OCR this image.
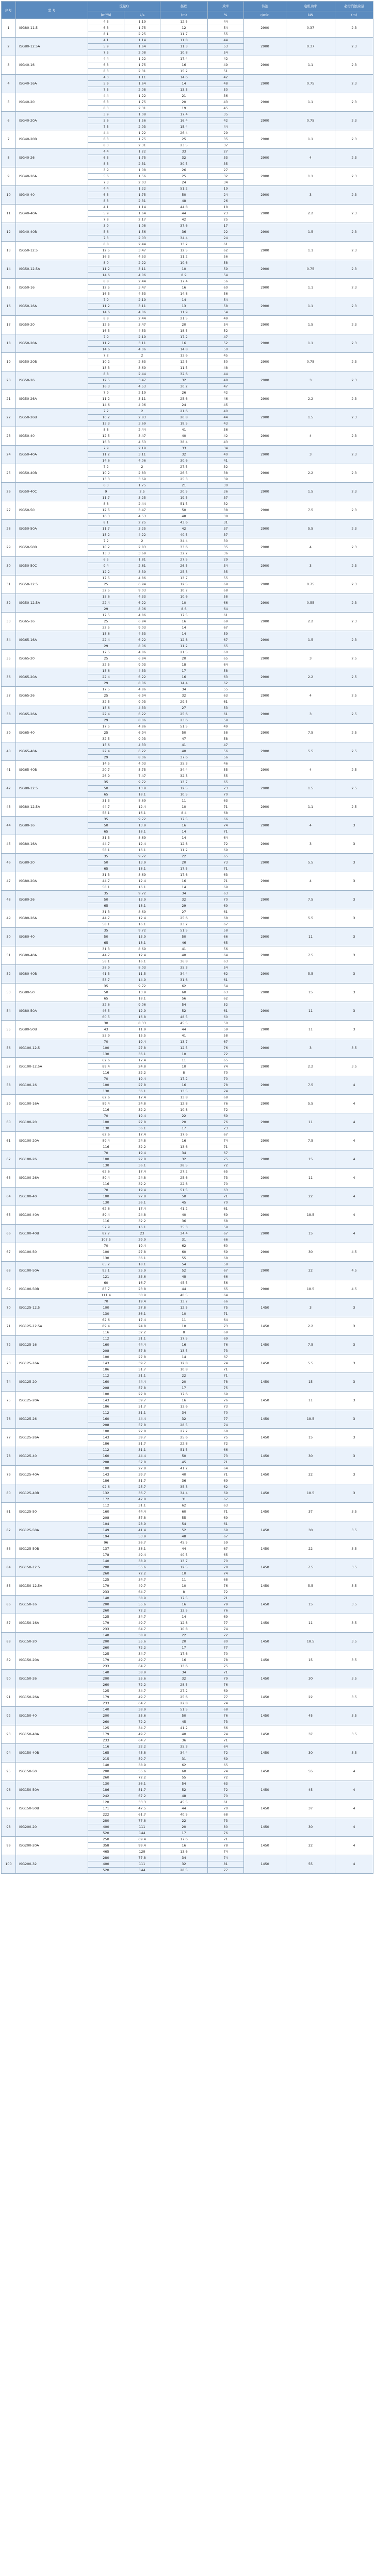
序号	型 号	流量Q		扬程	效率	转速	电机功率	必需汽蚀余量
		(m³/h)	L/s	(m)	%	r/min	kW	(m)
1	ISG80-11.5	4.3	1.19	12.5	44	2900	0.37	2.3
		6.3	1.75	12	54			
		8.1	2.25	11.7	55			
2	ISG80-12.5A	4.1	1.14	11.8	44	2900	0.37	2.3
		5.9	1.64	11.3	53			
		7.5	2.08	10.8	54			
3	ISG40-16	4.4	1.22	17.4	42	2900	1.1	2.3
		6.3	1.75	16	49			
		8.3	2.31	15.2	51			
4	ISG40-16A	4.0	1.11	14.6	42	2900	0.75	2.3
		5.9	1.64	14	48			
		7.5	2.08	13.3	50			
5	ISG40-20	4.4	1.22	21	36	2900	1.1	2.3
		6.3	1.75	20	43			
		8.3	2.31	19	45			
6	ISG40-20A	3.9	1.08	17.4	35	2900	0.75	2.3
		5.6	1.56	16.4	42			
		7.3	2.03	15.4	44			
7	ISG40-20B	4.4	1.22	26.4	29	2900	1.1	2.3
		6.3	1.75	25	35			
		8.3	2.31	23.5	37			
8	ISG40-26	4.4	1.22	33	27	2900	4	2.3
		6.3	1.75	32	33			
		8.3	2.31	30.5	35			
9	ISG40-26A	3.9	1.08	26	27	2900	1.1	2.3
		5.6	1.56	25	32			
		7.3	2.03	24	34			
10	ISG40-40	4.4	1.22	51.2	19	2900	3	2.3
		6.3	1.75	50	24			
		8.3	2.31	48	26			
11	ISG40-40A	4.1	1.14	44.8	18	2900	2.2	2.3
		5.9	1.64	44	23			
		7.8	2.17	42	25			
12	ISG40-40B	3.9	1.08	37.6	17	2900	1.5	2.3
		5.6	1.56	36	22			
		7.3	2.03	34.4	24			
13	ISG50-12.5	8.8	2.44	13.2	61	2900	1.1	2.3
		12.5	3.47	12.5	62			
		16.3	4.53	11.2	56			
14	ISG50-12.5A	8.0	2.22	10.6	58	2900	0.75	2.3
		11.2	3.11	10	59			
		14.6	4.06	8.9	54			
15	ISG50-16	8.8	2.44	17.4	56	2900	1.1	2.3
		12.5	3.47	16	60			
		16.3	4.53	14.8	56			
16	ISG50-16A	7.9	2.19	14	54	2900	1.1	2.3
		11.2	3.11	13	58			
		14.6	4.06	11.9	54			
17	ISG50-20	8.8	2.44	21.5	49	2900	1.5	2.3
		12.5	3.47	20	54			
		16.3	4.53	18.5	52			
18	ISG50-20A	7.9	2.19	17.2	47	2900	1.1	2.3
		11.2	3.11	16	52			
		14.6	4.06	14.8	50			
19	ISG50-20B	7.2	2	13.6	45	2900	0.75	2.3
		10.2	2.83	12.5	50			
		13.3	3.69	11.5	48			
20	ISG50-26	8.8	2.44	32.6	44	2900	3	2.3
		12.5	3.47	32	48			
		16.3	4.53	30.2	47			
21	ISG50-26A	7.9	2.19	26	42	2900	2.2	2.3
		11.2	3.11	25.6	46			
		14.6	4.06	24	45			
22	ISG50-26B	7.2	2	21.6	40	2900	1.5	2.3
		10.2	2.83	20.8	44			
		13.3	3.69	19.5	43			
23	ISG50-40	8.8	2.44	41	36	2900	4	2.3
		12.5	3.47	40	42			
		16.3	4.53	38.4	43			
24	ISG50-40A	7.9	2.19	33	34	2900	3	2.3
		11.2	3.11	32	40			
		14.6	4.06	30.6	41			
25	ISG50-40B	7.2	2	27.5	32	2900	2.2	2.3
		10.2	2.83	26.5	38			
		13.3	3.69	25.3	39			
26	ISG50-40C	6.3	1.75	21	30	2900	1.5	2.3
		9	2.5	20.5	36			
		11.7	3.25	19.5	37			
27	ISG50-50	8.8	2.44	51.5	32	2900	7.5	2.3
		12.5	3.47	50	38			
		16.3	4.53	48	38			
28	ISG50-50A	8.1	2.25	43.6	31	2900	5.5	2.3
		11.7	3.25	42	37			
		15.2	4.22	40.5	37			
29	ISG50-50B	7.2	2	34.4	30	2900	4	2.3
		10.2	2.83	33.6	35			
		13.3	3.69	32.2	36			
30	ISG50-50C	6.5	1.81	27.5	29	2900	3	2.3
		9.4	2.61	26.5	34			
		12.2	3.39	25.3	35			
31	ISG50-12.5	17.5	4.86	13.7	55	2900	0.75	2.3
		25	6.94	12.5	69			
		32.5	9.03	10.7	68			
32	ISG50-12.5A	15.6	4.33	10.6	58	2900	0.55	2.3
		22.4	6.22	10	66			
		29	8.06	8.6	64			
33	ISG65-16	17.5	4.86	17.5	61	2900	2.2	2.3
		25	6.94	16	69			
		32.5	9.03	14	67			
34	ISG65-16A	15.6	4.33	14	59	2900	1.5	2.3
		22.4	6.22	12.8	67			
		29	8.06	11.2	65			
35	ISG65-20	17.5	4.86	21.5	60	2900	3	2.5
		25	6.94	20	65			
		32.5	9.03	18	64			
36	ISG65-20A	15.6	4.33	17	58	2900	2.2	2.5
		22.4	6.22	16	63			
		29	8.06	14.4	62			
37	ISG65-26	17.5	4.86	34	55	2900	4	2.5
		25	6.94	32	63			
		32.5	9.03	29.5	61			
38	ISG65-26A	15.6	4.33	27	53	2900	3	2.5
		22.4	6.22	25.6	61			
		29	8.06	23.6	59			
39	ISG65-40	17.5	4.86	51.5	49	2900	7.5	2.5
		25	6.94	50	58			
		32.5	9.03	47	58			
40	ISG65-40A	15.6	4.33	41	47	2900	5.5	2.5
		22.4	6.22	40	56			
		29	8.06	37.6	56			
41	ISG65-40B	14.5	4.03	35.3	46	2900	4	2.5
		20.7	5.75	34.4	55			
		26.9	7.47	32.3	55			
42	ISG80-12.5	35	9.72	13.7	65	2900	1.5	2.5
		50	13.9	12.5	73			
		65	18.1	10.5	70			
43	ISG80-12.5A	31.3	8.69	11	63	2900	1.1	2.5
		44.7	12.4	10	71			
		58.1	16.1	8.4	68			
44	ISG80-16	35	9.72	17.5	66	2900	4	3
		50	13.9	16	74			
		65	18.1	14	71			
45	ISG80-16A	31.3	8.69	14	64	2900	3	3
		44.7	12.4	12.8	72			
		58.1	16.1	11.2	69			
46	ISG80-20	35	9.72	22	65	2900	5.5	3
		50	13.9	20	73			
		65	18.1	17.5	71			
47	ISG80-20A	31.3	8.69	17.6	63	2900	4	3
		44.7	12.4	16	71			
		58.1	16.1	14	69			
48	ISG80-26	35	9.72	34	63	2900	7.5	3
		50	13.9	32	70			
		65	18.1	29	69			
49	ISG80-26A	31.3	8.69	27	61	2900	5.5	3
		44.7	12.4	25.6	68			
		58.1	16.1	23.2	67			
50	ISG80-40	35	9.72	51.5	58	2900	11	3
		50	13.9	50	66			
		65	18.1	46	65			
51	ISG80-40A	31.3	8.69	41	56	2900	7.5	3
		44.7	12.4	40	64			
		58.1	16.1	36.8	63			
52	ISG80-40B	28.9	8.03	35.3	54	2900	5.5	3
		41.3	11.5	34.4	62			
		53.7	14.9	31.6	61			
53	ISG80-50	35	9.72	62	54	2900	15	3
		50	13.9	60	63			
		65	18.1	56	62			
54	ISG80-50A	32.6	9.06	54	52	2900	11	3
		46.5	12.9	52	61			
		60.5	16.8	48.5	60			
55	ISG80-50B	30	8.33	45.5	50	2900	11	3
		43	11.9	44	59			
		55.9	15.5	41	58			
56	ISG100-12.5	70	19.4	13.7	67	2900	3	3.5
		100	27.8	12.5	76			
		130	36.1	10	72			
57	ISG100-12.5A	62.6	17.4	11	65	2900	2.2	3.5
		89.4	24.8	10	74			
		116	32.2	8	70			
58	ISG100-16	70	19.4	17.2	70	2900	7.5	4
		100	27.8	16	78			
		130	36.1	13.5	74			
59	ISG100-16A	62.6	17.4	13.8	68	2900	5.5	4
		89.4	24.8	12.8	76			
		116	32.2	10.8	72			
60	ISG100-20	70	19.4	22	69	2900	11	4
		100	27.8	20	76			
		130	36.1	17	73			
61	ISG100-20A	62.6	17.4	17.6	67	2900	7.5	4
		89.4	24.8	16	74			
		116	32.2	13.6	71			
62	ISG100-26	70	19.4	34	67	2900	15	4
		100	27.8	32	75			
		130	36.1	28.5	72			
63	ISG100-26A	62.6	17.4	27.2	65	2900	11	4
		89.4	24.8	25.6	73			
		116	32.2	22.8	70			
64	ISG100-40	70	19.4	51.5	63	2900	22	4
		100	27.8	50	71			
		130	36.1	45	70			
65	ISG100-40A	62.6	17.4	41.2	61	2900	18.5	4
		89.4	24.8	40	69			
		116	32.2	36	68			
66	ISG100-40B	57.9	16.1	35.3	59	2900	15	4
		82.7	23	34.4	67			
		107.5	29.9	31	66			
67	ISG100-50	70	19.4	62	60	2900	30	4.5
		100	27.8	60	69			
		130	36.1	55	68			
68	ISG100-50A	65.2	18.1	54	58	2900	22	4.5
		93.1	25.9	52	67			
		121	33.6	48	66			
69	ISG100-50B	60	16.7	45.5	56	2900	18.5	4.5
		85.7	23.8	44	65			
		111.4	30.9	40.5	64			
70	ISG125-12.5	70	19.4	13.7	66	1450	3	3
		100	27.8	12.5	75			
		130	36.1	10	71			
71	ISG125-12.5A	62.6	17.4	11	64	1450	2.2	3
		89.4	24.8	10	73			
		116	32.2	8	69			
72	ISG125-16	112	31.1	17.5	69	1450	7.5	3
		160	44.4	16	76			
		208	57.8	13.5	73			
73	ISG125-16A	100	27.8	14	67	1450	5.5	3
		143	39.7	12.8	74			
		186	51.7	10.8	71			
74	ISG125-20	112	31.1	22	71	1450	15	3
		160	44.4	20	78			
		208	57.8	17	75			
75	ISG125-20A	100	27.8	17.6	69	1450	11	3
		143	39.7	16	76			
		186	51.7	13.6	73			
76	ISG125-26	112	31.1	34	70	1450	18.5	3
		160	44.4	32	77			
		208	57.8	28.5	74			
77	ISG125-26A	100	27.8	27.2	68	1450	15	3
		143	39.7	25.6	75			
		186	51.7	22.8	72			
78	ISG125-40	112	31.1	51.5	66	1450	30	3
		160	44.4	50	73			
		208	57.8	45	71			
79	ISG125-40A	100	27.8	41.2	64	1450	22	3
		143	39.7	40	71			
		186	51.7	36	69			
80	ISG125-40B	92.6	25.7	35.3	62	1450	18.5	3
		132	36.7	34.4	69			
		172	47.8	31	67			
81	ISG125-50	112	31.1	62	63	1450	37	3.5
		160	44.4	60	71			
		208	57.8	55	69			
82	ISG125-50A	104	28.9	54	61	1450	30	3.5
		149	41.4	52	69			
		194	53.9	48	67			
83	ISG125-50B	96	26.7	45.5	59	1450	22	3.5
		137	38.1	44	67			
		178	49.4	40.5	65			
84	ISG150-12.5	140	38.9	13.7	70	1450	7.5	3.5
		200	55.6	12.5	78			
		260	72.2	10	74			
85	ISG150-12.5A	125	34.7	11	68	1450	5.5	3.5
		179	49.7	10	76			
		233	64.7	8	72			
86	ISG150-16	140	38.9	17.5	71	1450	15	3.5
		200	55.6	16	79			
		260	72.2	13.5	76			
87	ISG150-16A	125	34.7	14	69	1450	11	3.5
		179	49.7	12.8	77			
		233	64.7	10.8	74			
88	ISG150-20	140	38.9	22	72	1450	18.5	3.5
		200	55.6	20	80			
		260	72.2	17	77			
89	ISG150-20A	125	34.7	17.6	70	1450	15	3.5
		179	49.7	16	78			
		233	64.7	13.6	75			
90	ISG150-26	140	38.9	34	71	1450	30	3.5
		200	55.6	32	79			
		260	72.2	28.5	76			
91	ISG150-26A	125	34.7	27.2	69	1450	22	3.5
		179	49.7	25.6	77			
		233	64.7	22.8	74			
92	ISG150-40	140	38.9	51.5	68	1450	45	3.5
		200	55.6	50	76			
		260	72.2	45	73			
93	ISG150-40A	125	34.7	41.2	66	1450	37	3.5
		179	49.7	40	74			
		233	64.7	36	71			
94	ISG150-40B	116	32.2	35.3	64	1450	30	3.5
		165	45.8	34.4	72			
		215	59.7	31	69			
95	ISG150-50	140	38.9	62	65	1450	55	4
		200	55.6	60	74			
		260	72.2	55	72			
96	ISG150-50A	130	36.1	54	63	1450	45	4
		186	51.7	52	72			
		242	67.2	48	70			
97	ISG150-50B	120	33.3	45.5	61	1450	37	4
		171	47.5	44	70			
		222	61.7	40.5	68			
98	ISG200-20	280	77.8	22	73	1450	30	4
		400	111	20	80			
		520	144	17	76			
99	ISG200-20A	250	69.4	17.6	71	1450	22	4
		358	99.4	16	78			
		465	129	13.6	74			
100	ISG200-32	280	77.8	34	74	1450	55	4
		400	111	32	81			
		520	144	28.5	77			
